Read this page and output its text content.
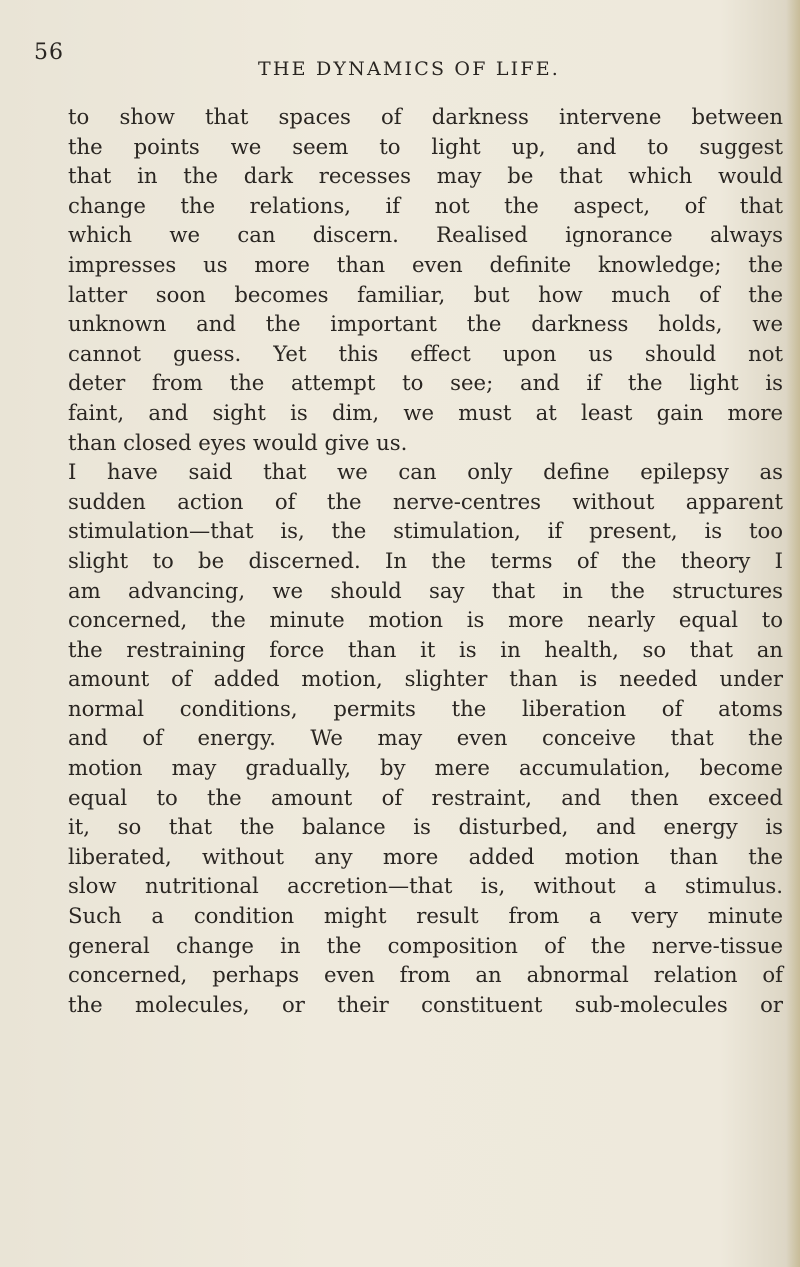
56
THE DYNAMICS OF LIFE.
to show that spaces of darkness intervene between
the points we seem to light up, and to suggest
that in the dark recesses may be that which would
change the relations, if not the aspect, of that
which we can discern. Realised ignorance always
impresses us more than even definite knowledge; the
latter soon becomes familiar, but how much of the
unknown and the important the darkness holds, we
cannot guess. Yet this effect upon us should not
deter from the attempt to see; and if the light is
faint, and sight is dim, we must at least gain more
than closed eyes would give us.
I have said that we can only define epilepsy as
sudden action of the nerve-centres without apparent
stimulation—that is, the stimulation, if present, is too
slight to be discerned. In the terms of the theory I
am advancing, we should say that in the structures
concerned, the minute motion is more nearly equal to
the restraining force than it is in health, so that an
amount of added motion, slighter than is needed under
normal conditions, permits the liberation of atoms
and of energy. We may even conceive that the
motion may gradually, by mere accumulation, become
equal to the amount of restraint, and then exceed
it, so that the balance is disturbed, and energy is
liberated, without any more added motion than the
slow nutritional accretion—that is, without a stimulus.
Such a condition might result from a very minute
general change in the composition of the nerve-tissue
concerned, perhaps even from an abnormal relation of
the molecules, or their constituent sub-molecules or
